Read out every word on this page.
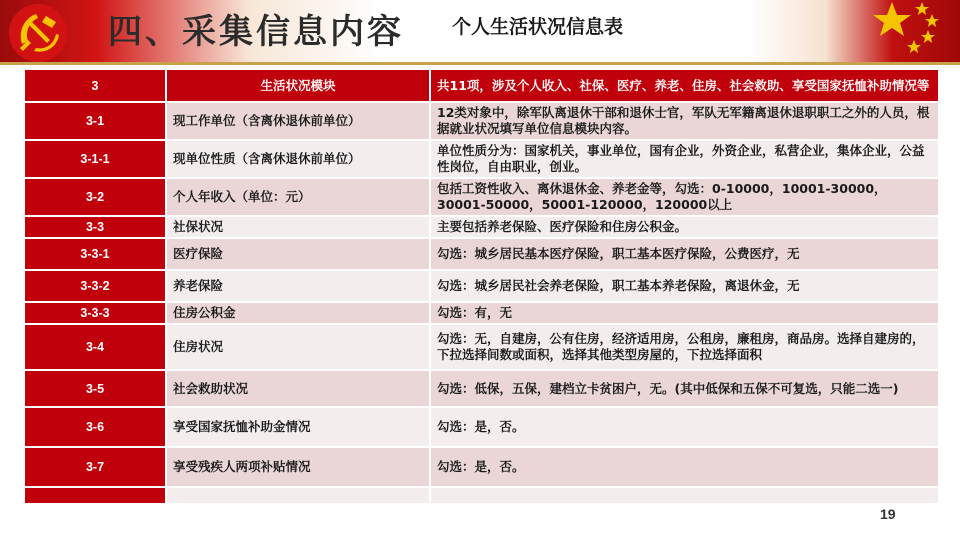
四、采集信息内容	个人生活状况信息表
3	生活状况模块	共11项，涉及个人收入、社保、医疗、养老、住房、社会救助、享受国家抚恤补助情况等
3-1	现工作单位（含离休退休前单位）	12类对象中，除军队离退休干部和退休士官，军队无军籍离退休退职职工之外的人员，根据就业状况填写单位信息模块内容。
3-1-1	现单位性质（含离休退休前单位）	单位性质分为：国家机关，事业单位，国有企业，外资企业，私营企业，集体企业，公益性岗位，自由职业，创业。
3-2	个人年收入（单位：元）	包括工资性收入、离休退休金、养老金等，勾选：0-10000，10001-30000，30001-50000，50001-120000，120000以上
3-3	社保状况	主要包括养老保险、医疗保险和住房公积金。
3-3-1	医疗保险	勾选：城乡居民基本医疗保险，职工基本医疗保险，公费医疗，无
3-3-2	养老保险	勾选：城乡居民社会养老保险，职工基本养老保险，离退休金，无
3-3-3	住房公积金	勾选：有，无
3-4	住房状况	勾选：无，自建房，公有住房，经济适用房，公租房，廉租房，商品房。选择自建房的，下拉选择间数或面积，选择其他类型房屋的，下拉选择面积
3-5	社会救助状况	勾选：低保，五保，建档立卡贫困户，无。(其中低保和五保不可复选，只能二选一)
3-6	享受国家抚恤补助金情况	勾选：是，否。
3-7	享受残疾人两项补贴情况	勾选：是，否。

19
